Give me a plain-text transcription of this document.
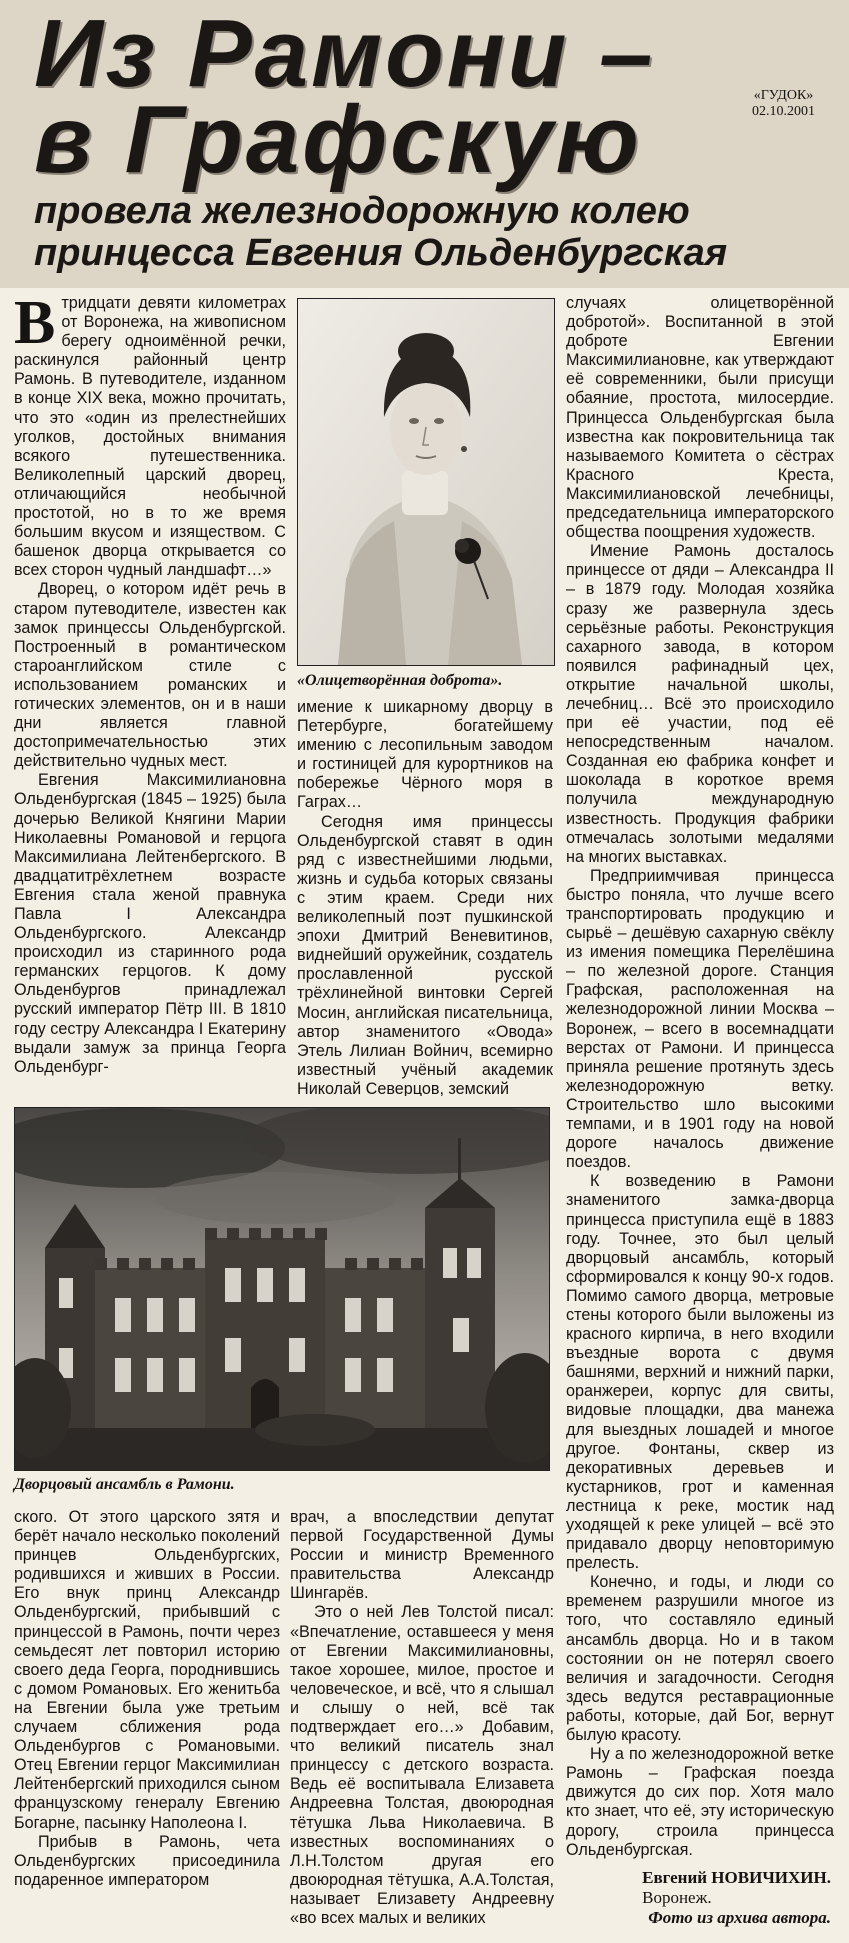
Из Рамони –
в Графскую
провела железнодорожную колею
принцесса Евгения Ольденбургская
«ГУДОК»
02.10.2001

Втридцати девяти километрах от Воронежа, на живописном берегу одноимённой речки, раскинулся районный центр Рамонь. В путеводителе, изданном в конце XIX века, можно прочитать, что это «один из прелестнейших уголков, достойных внимания всякого путешественника. Великолепный царский дворец, отличающийся необычной простотой, но в то же время большим вкусом и изяществом. С башенок дворца открывается со всех сторон чудный ландшафт…»

Дворец, о котором идёт речь в старом путеводителе, известен как замок принцессы Ольденбургской. Построенный в романтическом староанглийском стиле с использованием романских и готических элементов, он и в наши дни является главной достопримечательностью этих действительно чудных мест.

Евгения Максимилиановна Ольденбургская (1845 – 1925) была дочерью Великой Княгини Марии Николаевны Романовой и герцога Максимилиана Лейтенбергского. В двадцатитрёхлетнем возрасте Евгения стала женой правнука Павла I Александра Ольденбургского. Александр происходил из старинного рода германских герцогов. К дому Ольденбургов принадлежал русский император Пётр III. В 1810 году сестру Александра I Екатерину выдали замуж за принца Георга Ольденбург-

«Олицетворённая доброта».

имение к шикарному дворцу в Петербурге, богатейшему имению с лесопильным заводом и гостиницей для курортников на побережье Чёрного моря в Гаграх…

Сегодня имя принцессы Ольденбургской ставят в один ряд с известнейшими людьми, жизнь и судьба которых связаны с этим краем. Среди них великолепный поэт пушкинской эпохи Дмитрий Веневитинов, виднейший оружейник, создатель прославленной русской трёхлинейной винтовки Сергей Мосин, английская писательница, автор знаменитого «Овода» Этель Лилиан Войнич, всемирно известный учёный академик Николай Северцов, земский

случаях олицетворённой добротой». Воспитанной в этой доброте Евгении Максимилиановне, как утверждают её современники, были присущи обаяние, простота, милосердие. Принцесса Ольденбургская была известна как покровительница так называемого Комитета о сёстрах Красного Креста, Максимилиановской лечебницы, председательница императорского общества поощрения художеств.

Имение Рамонь досталось принцессе от дяди – Александра II – в 1879 году. Молодая хозяйка сразу же развернула здесь серьёзные работы. Реконструкция сахарного завода, в котором появился рафинадный цех, открытие начальной школы, лечебниц… Всё это происходило при её участии, под её непосредственным началом. Созданная ею фабрика конфет и шоколада в короткое время получила международную известность. Продукция фабрики отмечалась золотыми медалями на многих выставках.

Предприимчивая принцесса быстро поняла, что лучше всего транспортировать продукцию и сырьё – дешёвую сахарную свёклу из имения помещика Перелёшина – по железной дороге. Станция Графская, расположенная на железнодорожной линии Москва – Воронеж, – всего в восемнадцати верстах от Рамони. И принцесса приняла решение протянуть здесь железнодорожную ветку. Строительство шло высокими темпами, и в 1901 году на новой дороге началось движение поездов.

К возведению в Рамони знаменитого замка-дворца принцесса приступила ещё в 1883 году. Точнее, это был целый дворцовый ансамбль, который сформировался к концу 90-х годов. Помимо самого дворца, метровые стены которого были выложены из красного кирпича, в него входили въездные ворота с двумя башнями, верхний и нижний парки, оранжереи, корпус для свиты, видовые площадки, два манежа для выездных лошадей и многое другое. Фонтаны, сквер из декоративных деревьев и кустарников, грот и каменная лестница к реке, мостик над уходящей к реке улицей – всё это придавало дворцу неповторимую прелесть.

Конечно, и годы, и люди со временем разрушили многое из того, что составляло единый ансамбль дворца. Но и в таком состоянии он не потерял своего величия и загадочности. Сегодня здесь ведутся реставрационные работы, которые, дай Бог, вернут былую красоту.

Ну а по железнодорожной ветке Рамонь – Графская поезда движутся до сих пор. Хотя мало кто знает, что её, эту историческую дорогу, строила принцесса Ольденбургская.

Дворцовый ансамбль в Рамони.

ского. От этого царского зятя и берёт начало несколько поколений принцев Ольденбургских, родившихся и живших в России. Его внук принц Александр Ольденбургский, прибывший с принцессой в Рамонь, почти через семьдесят лет повторил историю своего деда Георга, породнившись с домом Романовых. Его женитьба на Евгении была уже третьим случаем сближения рода Ольденбургов с Романовыми. Отец Евгении герцог Максимилиан Лейтенбергский приходился сыном французскому генералу Евгению Богарне, пасынку Наполеона I.

Прибыв в Рамонь, чета Ольденбургских присоединила подаренное императором

врач, а впоследствии депутат первой Государственной Думы России и министр Временного правительства Александр Шингарёв.

Это о ней Лев Толстой писал: «Впечатление, оставшееся у меня от Евгении Максимилиановны, такое хорошее, милое, простое и человеческое, и всё, что я слышал и слышу о ней, всё так подтверждает его…» Добавим, что великий писатель знал принцессу с детского возраста. Ведь её воспитывала Елизавета Андреевна Толстая, двоюродная тётушка Льва Николаевича. В известных воспоминаниях о Л.Н.Толстом другая его двоюродная тётушка, А.А.Толстая, называет Елизавету Андреевну «во всех малых и великих

Евгений НОВИЧИХИН.
Воронеж.
Фото из архива автора.
